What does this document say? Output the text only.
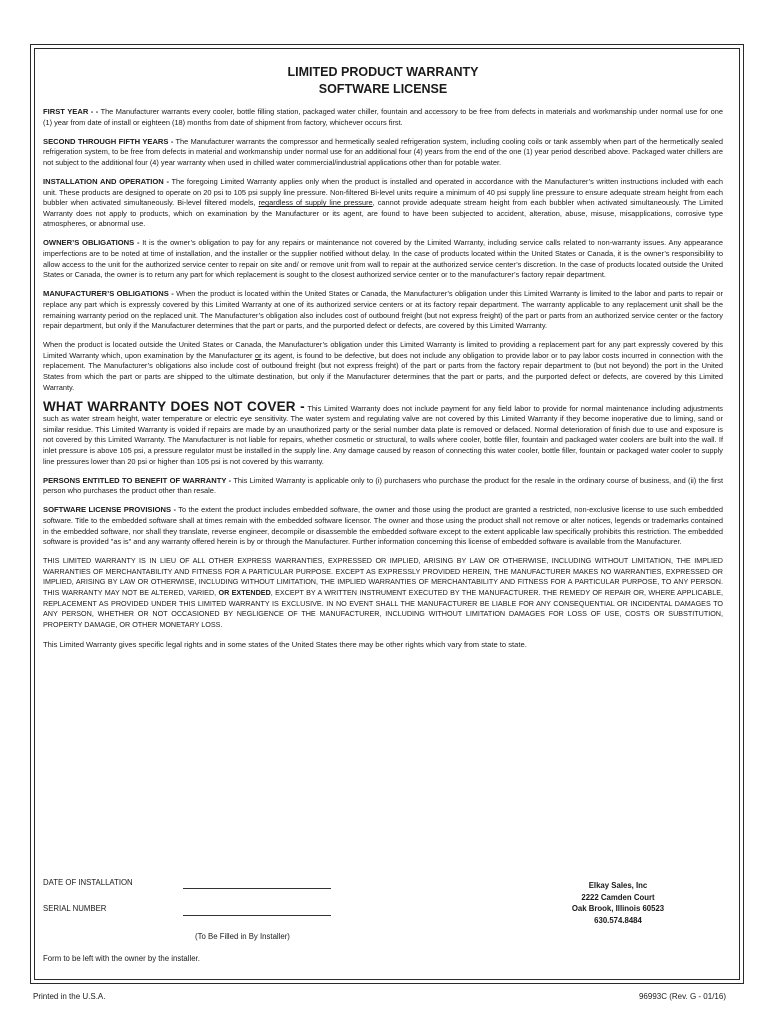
LIMITED PRODUCT WARRANTY
SOFTWARE LICENSE

FIRST YEAR - - The Manufacturer warrants every cooler, bottle filling station, packaged water chiller, fountain and accessory to be free from defects in materials and workmanship under normal use for one (1) year from date of install or eighteen (18) months from date of shipment from factory, whichever occurs first.

SECOND THROUGH FIFTH YEARS - The Manufacturer warrants the compressor and hermetically sealed refrigeration system, including cooling coils or tank assembly when part of the hermetically sealed refrigeration system, to be free from defects in material and workmanship under normal use for an additional four (4) years from the end of the one (1) year period described above. Packaged water chillers are not subject to the additional four (4) year warranty when used in chilled water commercial/industrial applications other than for potable water.

INSTALLATION AND OPERATION - The foregoing Limited Warranty applies only when the product is installed and operated in accordance with the Manufacturer’s written instructions included with each unit. These products are designed to operate on 20 psi to 105 psi supply line pressure. Non-filtered Bi-level units require a minimum of 40 psi supply line pressure to ensure adequate stream height from each bubbler when activated simultaneously. Bi-level filtered models, regardless of supply line pressure, cannot provide adequate stream height from each bubbler when activated simultaneously. The Limited Warranty does not apply to products, which on examination by the Manufacturer or its agent, are found to have been subjected to accident, alteration, abuse, misuse, misapplications, corrosive type atmospheres, or abnormal use.

OWNER’S OBLIGATIONS - It is the owner’s obligation to pay for any repairs or maintenance not covered by the Limited Warranty, including service calls related to non-warranty issues. Any appearance imperfections are to be noted at time of installation, and the installer or the supplier notified without delay. In the case of products located within the United States or Canada, it is the owner’s responsibility to allow access to the unit for the authorized service center to repair on site and/ or remove unit from wall to repair at the authorized service center’s discretion. In the case of products located outside the United States or Canada, the owner is to return any part for which replacement is sought to the closest authorized service center or to the manufacturer’s factory repair department.

MANUFACTURER’S OBLIGATIONS - When the product is located within the United States or Canada, the Manufacturer’s obligation under this Limited Warranty is limited to the labor and parts to repair or replace any part which is expressly covered by this Limited Warranty at one of its authorized service centers or at its factory repair department. The warranty applicable to any replacement unit shall be the remaining warranty period on the replaced unit. The Manufacturer’s obligation also includes cost of outbound freight (but not express freight) of the part or parts from an authorized service center or the factory repair department, but only if the Manufacturer determines that the part or parts, and the purported defect or defects, are covered by this Limited Warranty.

When the product is located outside the United States or Canada, the Manufacturer’s obligation under this Limited Warranty is limited to providing a replacement part for any part expressly covered by this Limited Warranty which, upon examination by the Manufacturer or its agent, is found to be defective, but does not include any obligation to provide labor or to pay labor costs incurred in connection with the replacement. The Manufacturer’s obligations also include cost of outbound freight (but not express freight) of the part or parts from the factory repair department to (but not beyond) the port in the United States from which the part or parts are shipped to the ultimate destination, but only if the Manufacturer determines that the part or parts, and the purported defect or defects, are covered by this Limited Warranty.

WHAT WARRANTY DOES NOT COVER - This Limited Warranty does not include payment for any field labor to provide for normal maintenance including adjustments such as water stream height, water temperature or electric eye sensitivity. The water system and regulating valve are not covered by this Limited Warranty if they become inoperative due to liming, sand or similar residue. This Limited Warranty is voided if repairs are made by an unauthorized party or the serial number data plate is removed or defaced. Normal deterioration of finish due to use and exposure is not covered by this Limited Warranty. The Manufacturer is not liable for repairs, whether cosmetic or structural, to walls where cooler, bottle filler, fountain and packaged water coolers are built into the wall. If inlet pressure is above 105 psi, a pressure regulator must be installed in the supply line. Any damage caused by reason of connecting this water cooler, bottle filler, fountain or packaged water cooler to supply line pressures lower than 20 psi or higher than 105 psi is not covered by this warranty.

PERSONS ENTITLED TO BENEFIT OF WARRANTY - This Limited Warranty is applicable only to (i) purchasers who purchase the product for the resale in the ordinary course of business, and (ii) the first person who purchases the product other than resale.

SOFTWARE LICENSE PROVISIONS - To the extent the product includes embedded software, the owner and those using the product are granted a restricted, non-exclusive license to use such embedded software. Title to the embedded software shall at times remain with the embedded software licensor. The owner and those using the product shall not remove or alter notices, legends or trademarks contained in the embedded software, nor shall they translate, reverse engineer, decompile or disassemble the embedded software except to the extent applicable law specifically prohibits this restriction. The embedded software is provided "as is" and any warranty offered herein is by or through the Manufacturer. Further information concerning this license of embedded software is available from the Manufacturer.

THIS LIMITED WARRANTY IS IN LIEU OF ALL OTHER EXPRESS WARRANTIES, EXPRESSED OR IMPLIED, ARISING BY LAW OR OTHERWISE, INCLUDING WITHOUT LIMITATION, THE IMPLIED WARRANTIES OF MERCHANTABILITY AND FITNESS FOR A PARTICULAR PURPOSE. EXCEPT AS EXPRESSLY PROVIDED HEREIN, THE MANUFACTURER MAKES NO WARRANTIES, EXPRESSED OR IMPLIED, ARISING BY LAW OR OTHERWISE, INCLUDING WITHOUT LIMITATION, THE IMPLIED WARRANTIES OF MERCHANTABILITY AND FITNESS FOR A PARTICULAR PURPOSE, TO ANY PERSON. THIS WARRANTY MAY NOT BE ALTERED, VARIED, OR EXTENDED, EXCEPT BY A WRITTEN INSTRUMENT EXECUTED BY THE MANUFACTURER. THE REMEDY OF REPAIR OR, WHERE APPLICABLE, REPLACEMENT AS PROVIDED UNDER THIS LIMITED WARRANTY IS EXCLUSIVE. IN NO EVENT SHALL THE MANUFACTURER BE LIABLE FOR ANY CONSEQUENTIAL OR INCIDENTAL DAMAGES TO ANY PERSON, WHETHER OR NOT OCCASIONED BY NEGLIGENCE OF THE MANUFACTURER, INCLUDING WITHOUT LIMITATION DAMAGES FOR LOSS OF USE, COSTS OR SUBSTITUTION, PROPERTY DAMAGE, OR OTHER MONETARY LOSS.

This Limited Warranty gives specific legal rights and in some states of the United States there may be other rights which vary from state to state.

DATE OF INSTALLATION
SERIAL NUMBER
(To Be Filled in By Installer)
Form to be left with the owner by the installer.
Elkay Sales, Inc
2222 Camden Court
Oak Brook, Illinois 60523
630.574.8484
Printed in the U.S.A.	96993C (Rev. G - 01/16)
